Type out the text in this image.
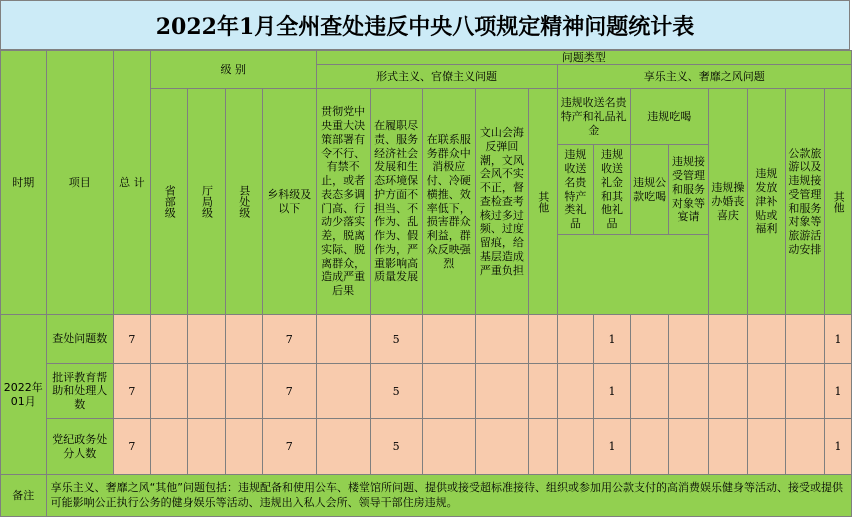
2022年1月全州查处违反中央八项规定精神问题统计表
时期	项目	总 计	级 别				问题类型												
							形式主义、官僚主义问题					享乐主义、奢靡之风问题							

			省部级	厅局级	县处级	乡科级及以下	贯彻党中央重大决策部署有令不行、有禁不止，或者表态多调门高、行动少落实差，脱离实际、脱离群众，造成严重后果	在履职尽责、服务经济社会发展和生态环境保护方面不担当、不作为、乱作为、假作为，严重影响高质量发展	在联系服务群众中消极应付、冷硬横推、效率低下，损害群众利益，群众反映强烈	文山会海反弹回潮，文风会风不实不正，督查检查考核过多过频、过度留痕，给基层造成严重负担	其他	违规收送名贵特产和礼品礼金		违规吃喝		违规操办婚丧喜庆	违规发放津补贴或福利	公款旅游以及违规接受管理和服务对象等旅游活动安排	其他

												违规收送名贵特产类礼品	违规收送礼金和其他礼品	违规公款吃喝	违规接受管理和服务对象等宴请				

2022年01月	查处问题数	7				7		5					1						1

	批评教育帮助和处理人数	7				7		5					1						1

	党纪政务处分人数	7				7		5					1						1
备注	享乐主义、奢靡之风“其他”问题包括：违规配备和使用公车、楼堂馆所问题、提供或接受超标准接待、组织或参加用公款支付的高消费娱乐健身等活动、接受或提供可能影响公正执行公务的健身娱乐等活动、违规出入私人会所、领导干部住房违规。																		
